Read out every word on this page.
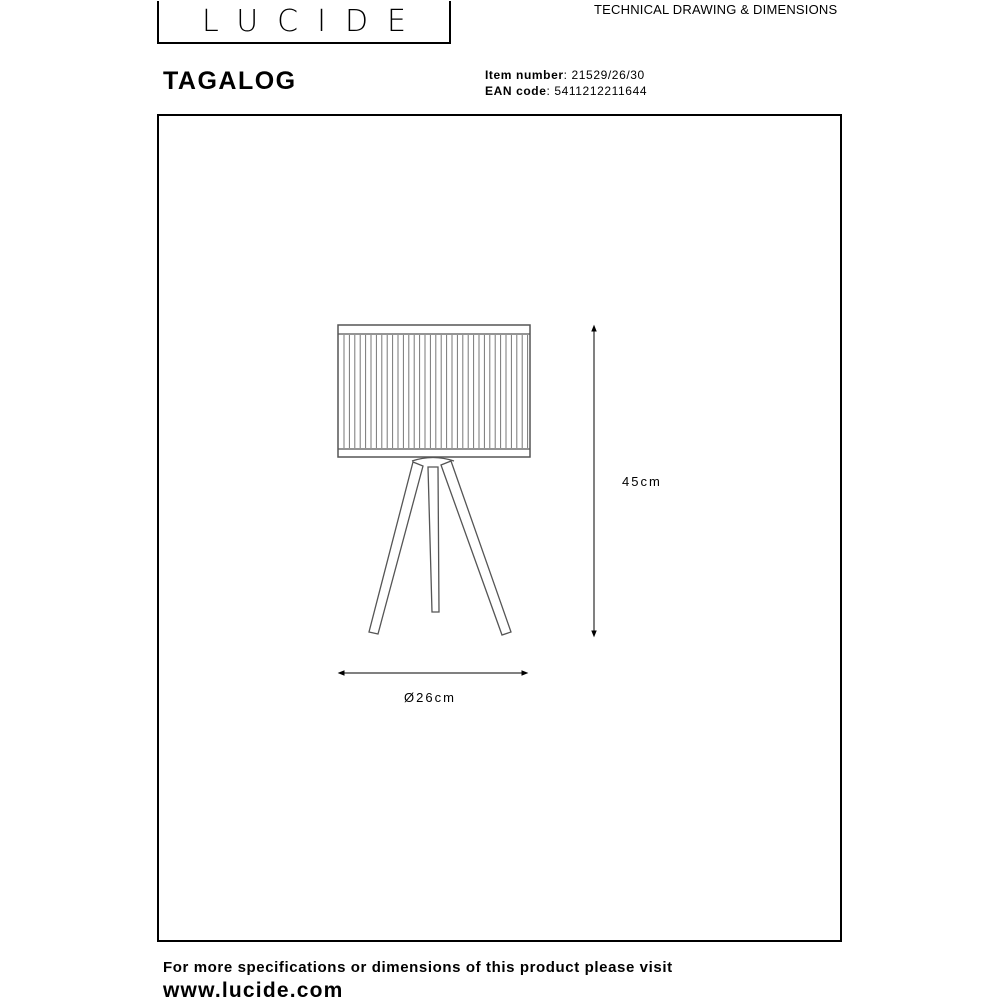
LUCIDE	TECHNICAL DRAWING & DIMENSIONS
TAGALOG	Item number: 21529/26/30
EAN code: 5411212211644
45cm
Ø26cm
For more specifications or dimensions of this product please visit
www.lucide.com
